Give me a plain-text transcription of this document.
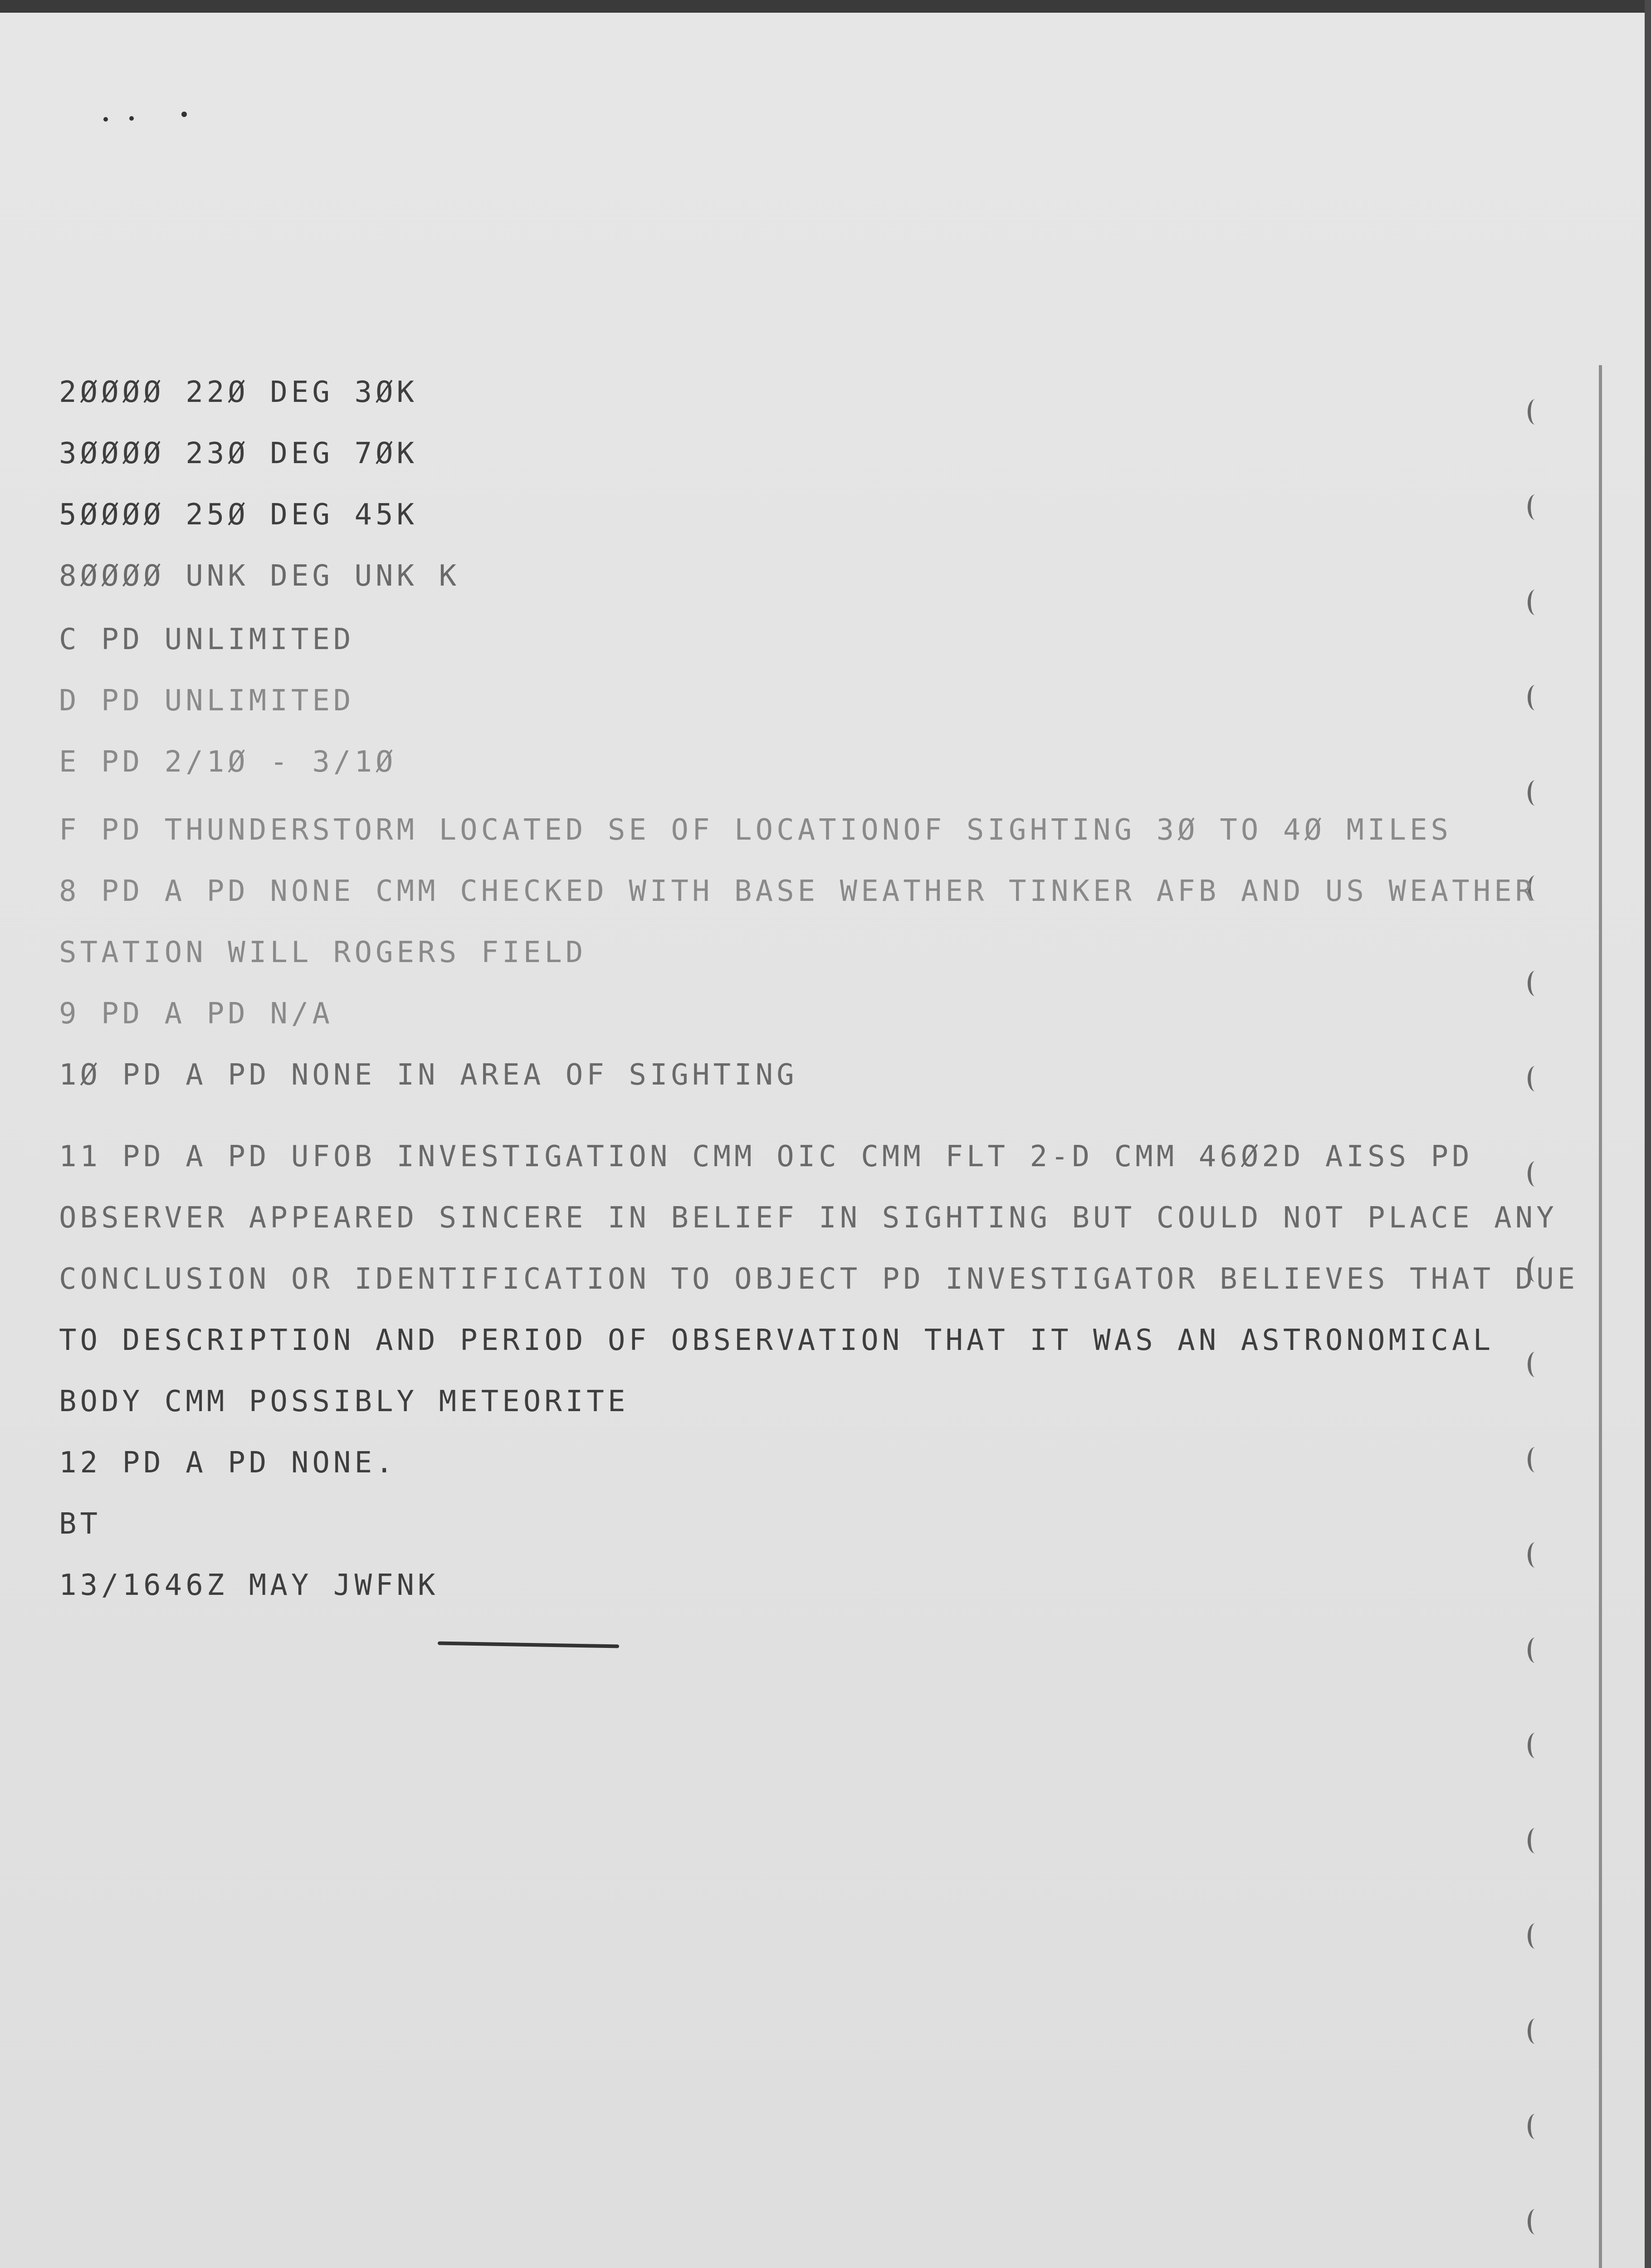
2ØØØØ 22Ø DEG 3ØK
3ØØØØ 23Ø DEG 7ØK
5ØØØØ 25Ø DEG 45K
8ØØØØ UNK DEG UNK K
C PD UNLIMITED
D PD UNLIMITED
E PD 2/1Ø - 3/1Ø
F PD THUNDERSTORM LOCATED SE OF LOCATIONOF SIGHTING 3Ø TO 4Ø MILES
8 PD A PD NONE CMM CHECKED WITH BASE WEATHER TINKER AFB AND US WEATHER
STATION WILL ROGERS FIELD
9 PD A PD N/A
1Ø PD A PD NONE IN AREA OF SIGHTING
11 PD A PD UFOB INVESTIGATION CMM OIC CMM FLT 2-D CMM 46Ø2D AISS PD
OBSERVER APPEARED SINCERE IN BELIEF IN SIGHTING BUT COULD NOT PLACE ANY
CONCLUSION OR IDENTIFICATION TO OBJECT PD INVESTIGATOR BELIEVES THAT DUE
TO DESCRIPTION AND PERIOD OF OBSERVATION THAT IT WAS AN ASTRONOMICAL
BODY CMM POSSIBLY METEORITE
12 PD A PD NONE.
BT
13/1646Z MAY JWFNK
